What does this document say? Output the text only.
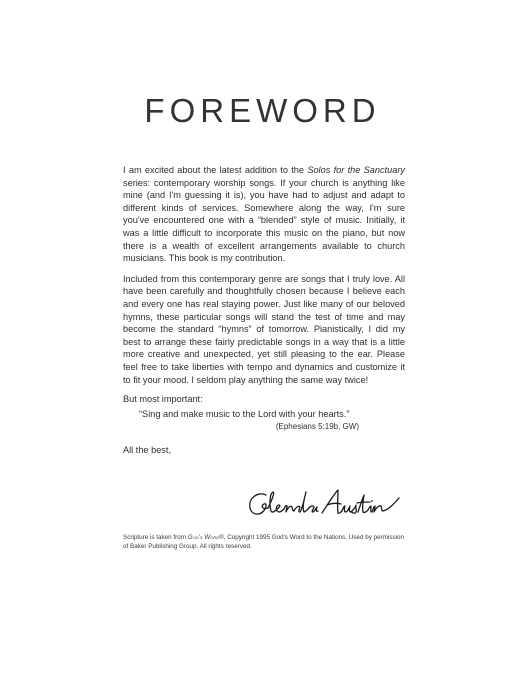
FOREWORD

I am excited about the latest addition to the Solos for the Sanctuary series: contemporary worship songs. If your church is anything like mine (and I'm guessing it is), you have had to adjust and adapt to different kinds of services. Somewhere along the way, I'm sure you've encountered one with a “blended” style of music. Initially, it was a little difficult to incorporate this music on the piano, but now there is a wealth of excellent arrangements available to church musicians. This book is my contribution.

Included from this contemporary genre are songs that I truly love. All have been carefully and thoughtfully chosen because I believe each and every one has real staying power. Just like many of our beloved hymns, these particular songs will stand the test of time and may become the standard “hymns” of tomorrow. Pianistically, I did my best to arrange these fairly predictable songs in a way that is a little more creative and unexpected, yet still pleasing to the ear. Please feel free to take liberties with tempo and dynamics and customize it to fit your mood. I seldom play anything the same way twice!

But most important:
“Sing and make music to the Lord with your hearts.”
(Ephesians 5:19b, GW)
All the best,
Scripture is taken from God's Word®, Copyright 1995 God's Word to the Nations. Used by permission of Baker Publishing Group. All rights reserved.
